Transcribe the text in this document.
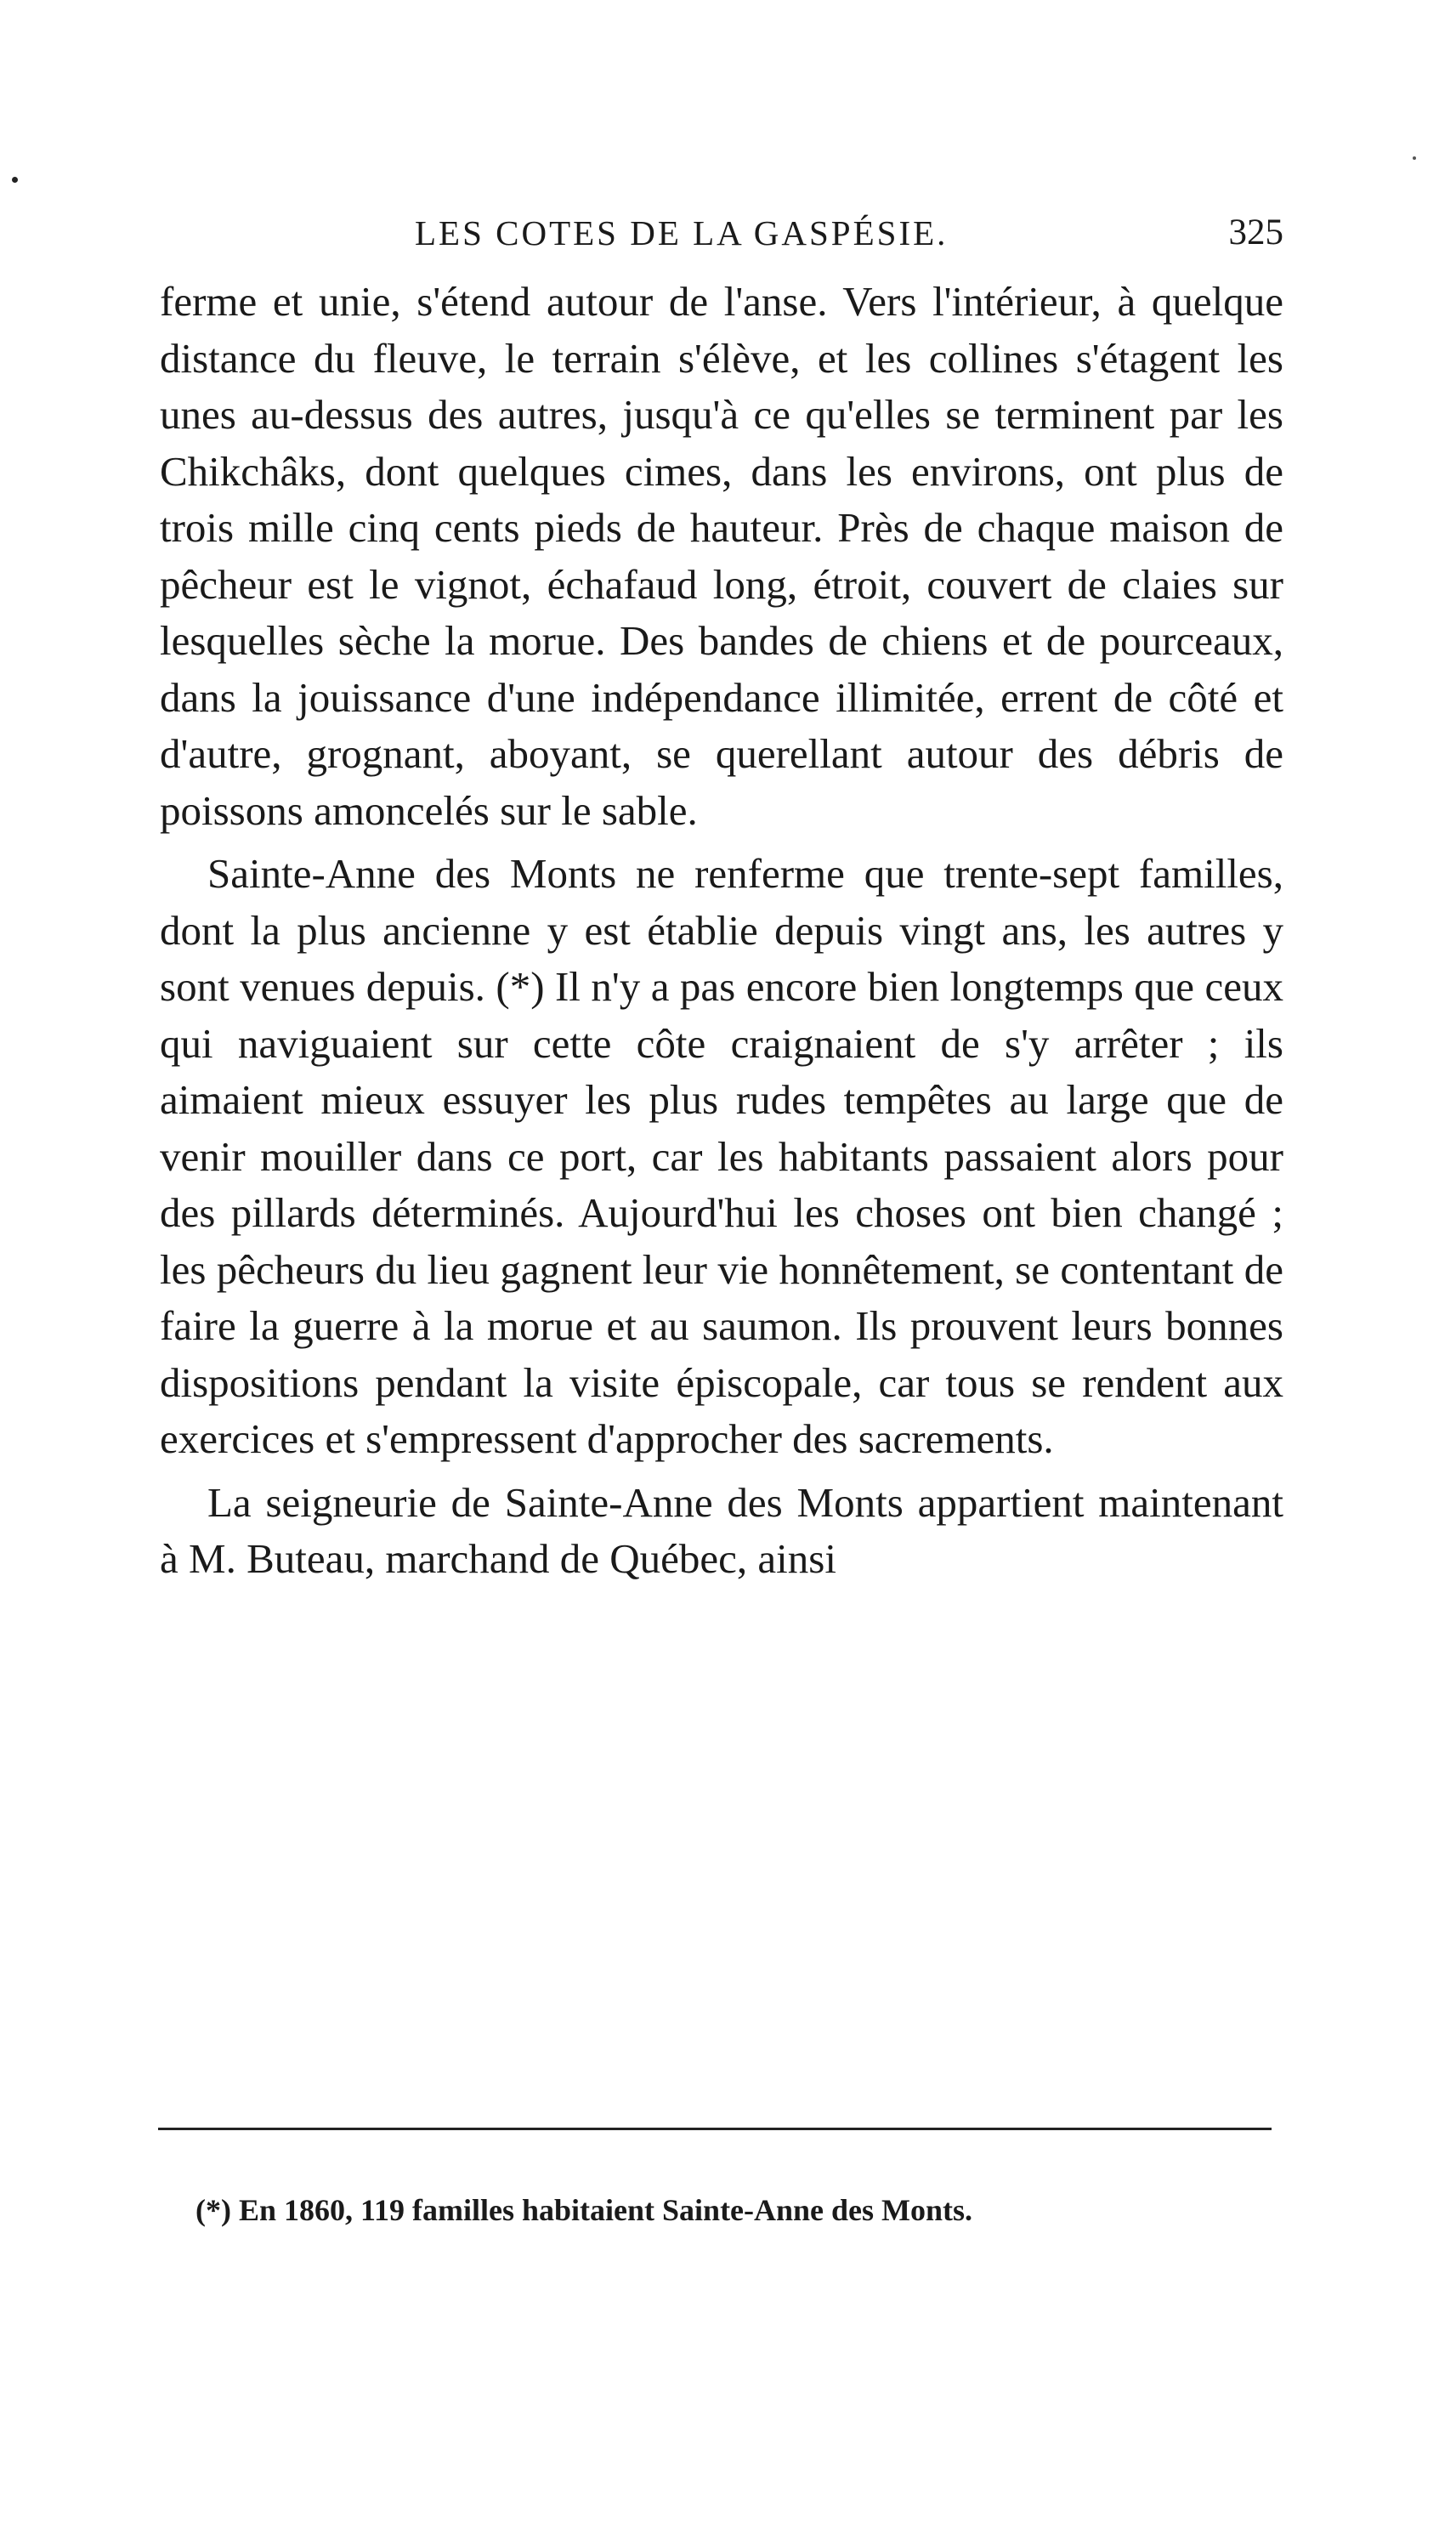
LES COTES DE LA GASPÉSIE.	325

ferme et unie, s'étend autour de l'anse. Vers l'intérieur, à quelque distance du fleuve, le terrain s'élève, et les collines s'étagent les unes au-dessus des autres, jusqu'à ce qu'elles se terminent par les Chikchâks, dont quelques cimes, dans les environs, ont plus de trois mille cinq cents pieds de hauteur. Près de chaque maison de pêcheur est le vignot, échafaud long, étroit, couvert de claies sur lesquelles sèche la morue. Des bandes de chiens et de pourceaux, dans la jouissance d'une indépendance illimitée, errent de côté et d'autre, grognant, aboyant, se querellant autour des débris de poissons amoncelés sur le sable.

Sainte-Anne des Monts ne renferme que trente-sept familles, dont la plus ancienne y est établie depuis vingt ans, les autres y sont venues depuis. (*) Il n'y a pas encore bien longtemps que ceux qui naviguaient sur cette côte craignaient de s'y arrêter ; ils aimaient mieux essuyer les plus rudes tempêtes au large que de venir mouiller dans ce port, car les habitants passaient alors pour des pillards déterminés. Aujourd'hui les choses ont bien changé ; les pêcheurs du lieu gagnent leur vie honnêtement, se contentant de faire la guerre à la morue et au saumon. Ils prouvent leurs bonnes dispositions pendant la visite épiscopale, car tous se rendent aux exercices et s'empressent d'approcher des sacrements.

La seigneurie de Sainte-Anne des Monts appartient maintenant à M. Buteau, marchand de Québec, ainsi

(*) En 1860, 119 familles habitaient Sainte-Anne des Monts.
